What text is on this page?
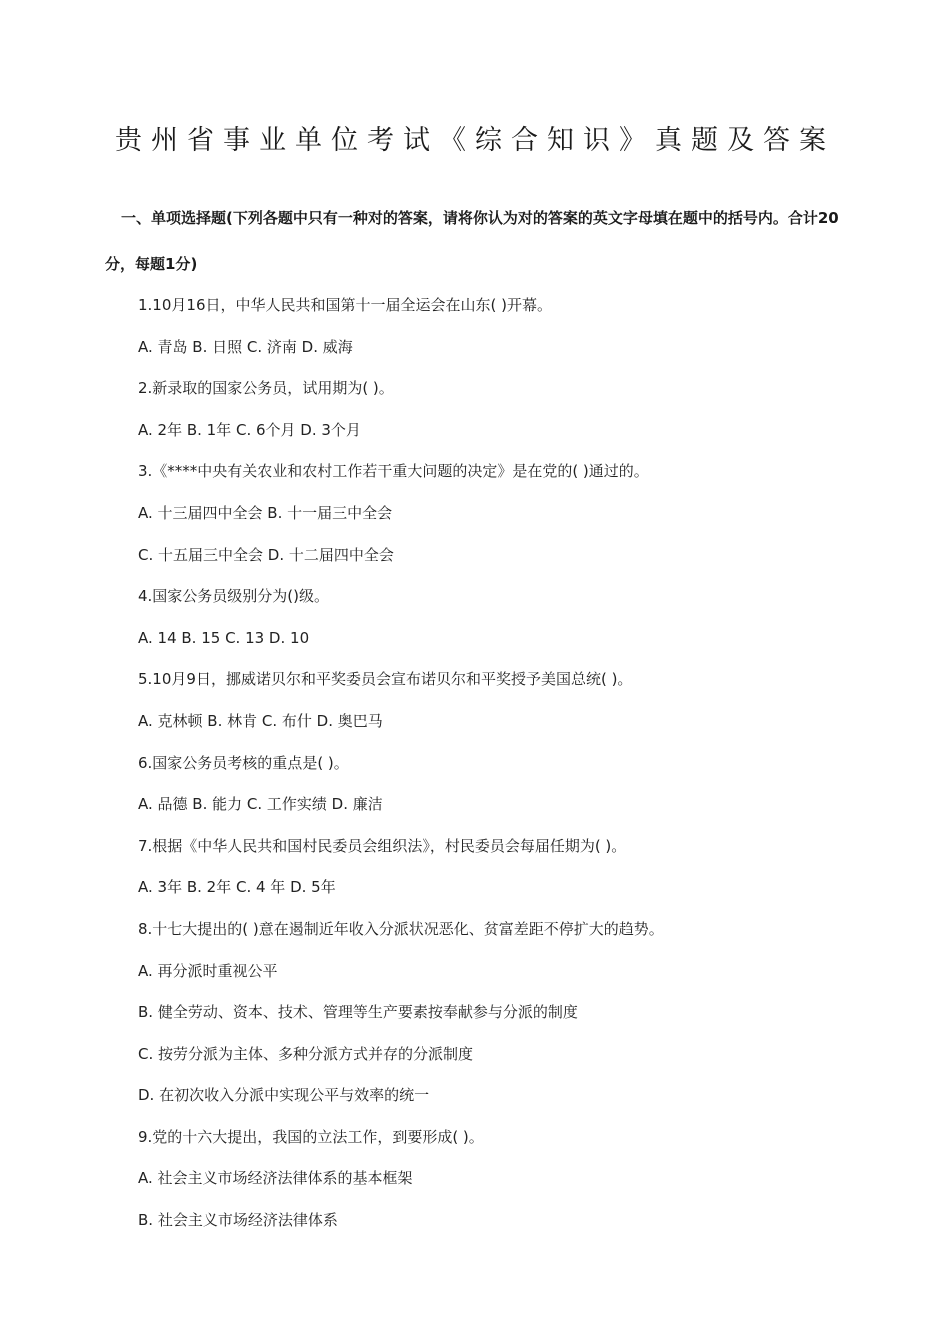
贵州省事业单位考试《综合知识》真题及答案
一、单项选择题(下列各题中只有一种对的答案，请将你认为对的答案的英文字母填在题中的括号内。合计20分，每题1分)
1.10月16日，中华人民共和国第十一届全运会在山东( )开幕。
A. 青岛 B. 日照 C. 济南 D. 威海
2.新录取的国家公务员，试用期为( )。
A. 2年 B. 1年 C. 6个月 D. 3个月
3.《****中央有关农业和农村工作若干重大问题的决定》是在党的( )通过的。
A. 十三届四中全会 B. 十一届三中全会
C. 十五届三中全会 D. 十二届四中全会
4.国家公务员级别分为()级。
A. 14 B. 15 C. 13 D. 10
5.10月9日，挪威诺贝尔和平奖委员会宣布诺贝尔和平奖授予美国总统( )。
A. 克林顿 B. 林肯 C. 布什 D. 奥巴马
6.国家公务员考核的重点是( )。
A. 品德 B. 能力 C. 工作实绩 D. 廉洁
7.根据《中华人民共和国村民委员会组织法》，村民委员会每届任期为( )。
A. 3年 B. 2年 C. 4 年 D. 5年
8.十七大提出的( )意在遏制近年收入分派状况恶化、贫富差距不停扩大的趋势。
A. 再分派时重视公平
B. 健全劳动、资本、技术、管理等生产要素按奉献参与分派的制度
C. 按劳分派为主体、多种分派方式并存的分派制度
D. 在初次收入分派中实现公平与效率的统一
9.党的十六大提出，我国的立法工作，到要形成( )。
A. 社会主义市场经济法律体系的基本框架
B. 社会主义市场经济法律体系
